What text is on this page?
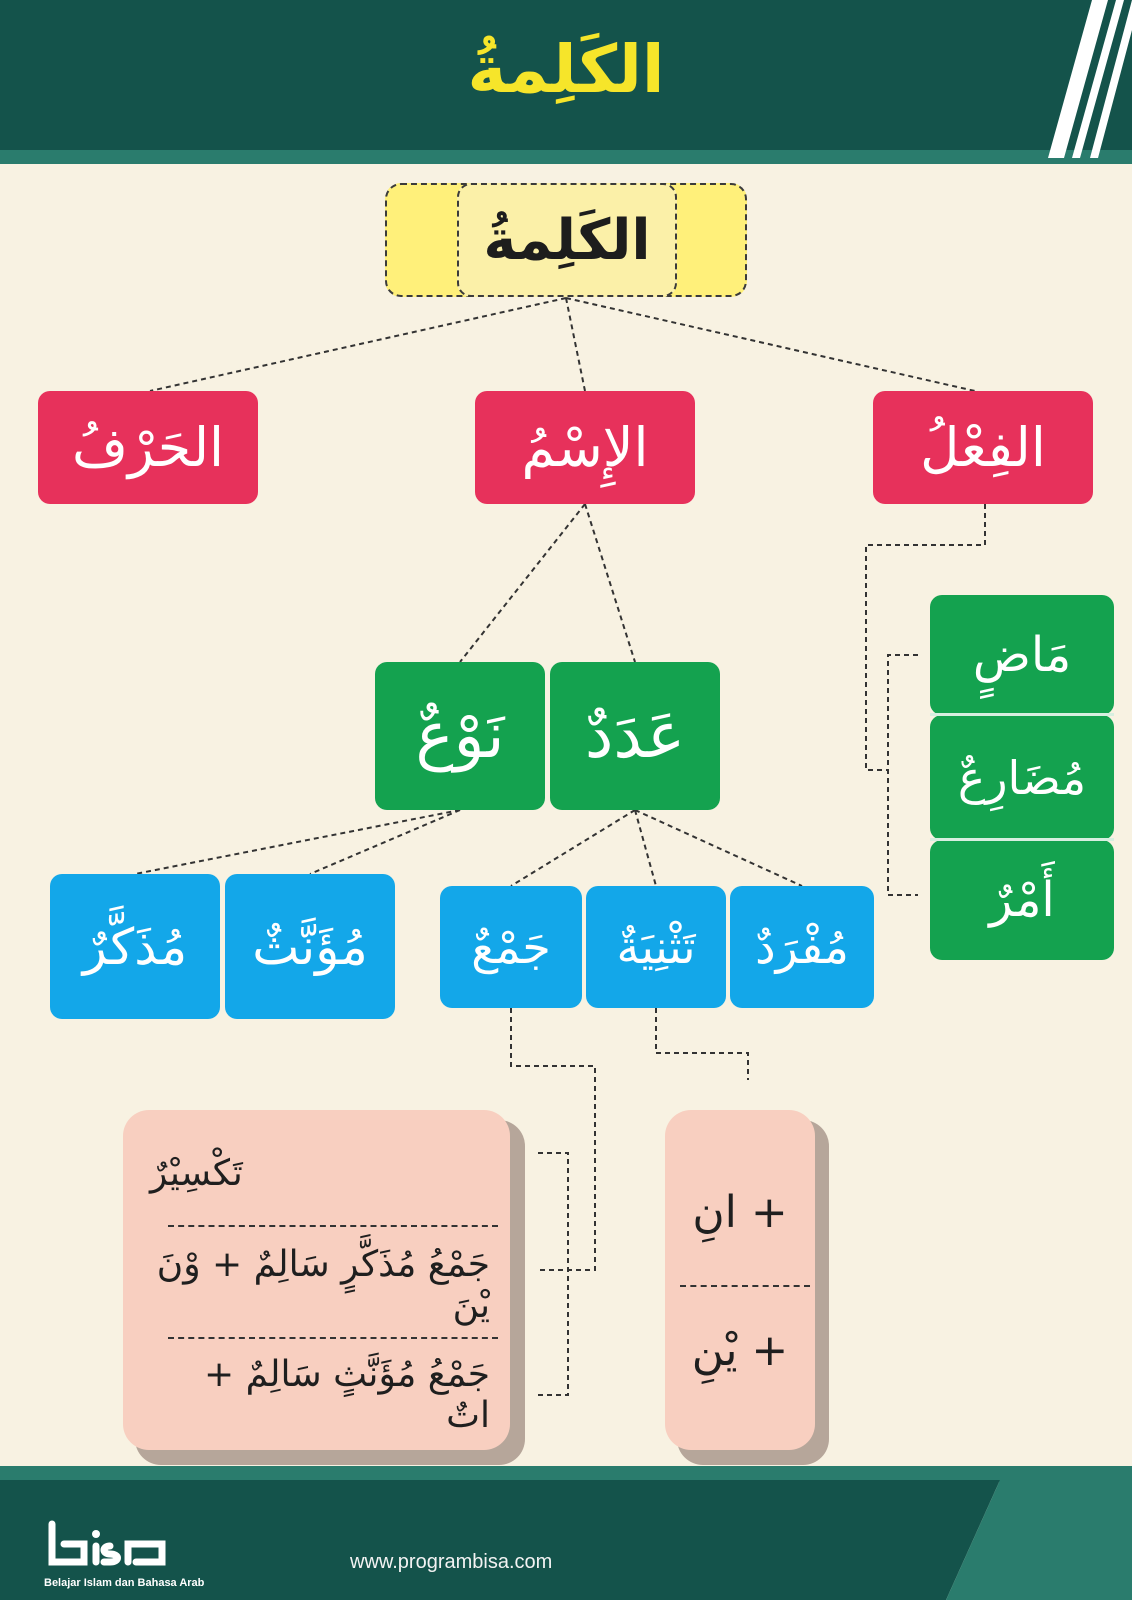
الكَلِمةُ
الكَلِمةُ
الحَرْفُ	الإِسْمُ	الفِعْلُ
مَاضٍ
مُضَارِعٌ
أَمْرٌ
نَوْعٌ	عَدَدٌ
مُذَكَّرٌ	مُؤَنَّثٌ	جَمْعٌ	تَثْنِيَةٌ	مُفْرَدٌ
تَكْسِيْرٌ
جَمْعُ مُذَكَّرٍ سَالِمٌ + وْنَ يْنَ
جَمْعُ مُؤَنَّثٍ سَالِمٌ + اتٌ
+ انِ
+ يْنِ
Belajar Islam dan Bahasa Arab
www.programbisa.com
